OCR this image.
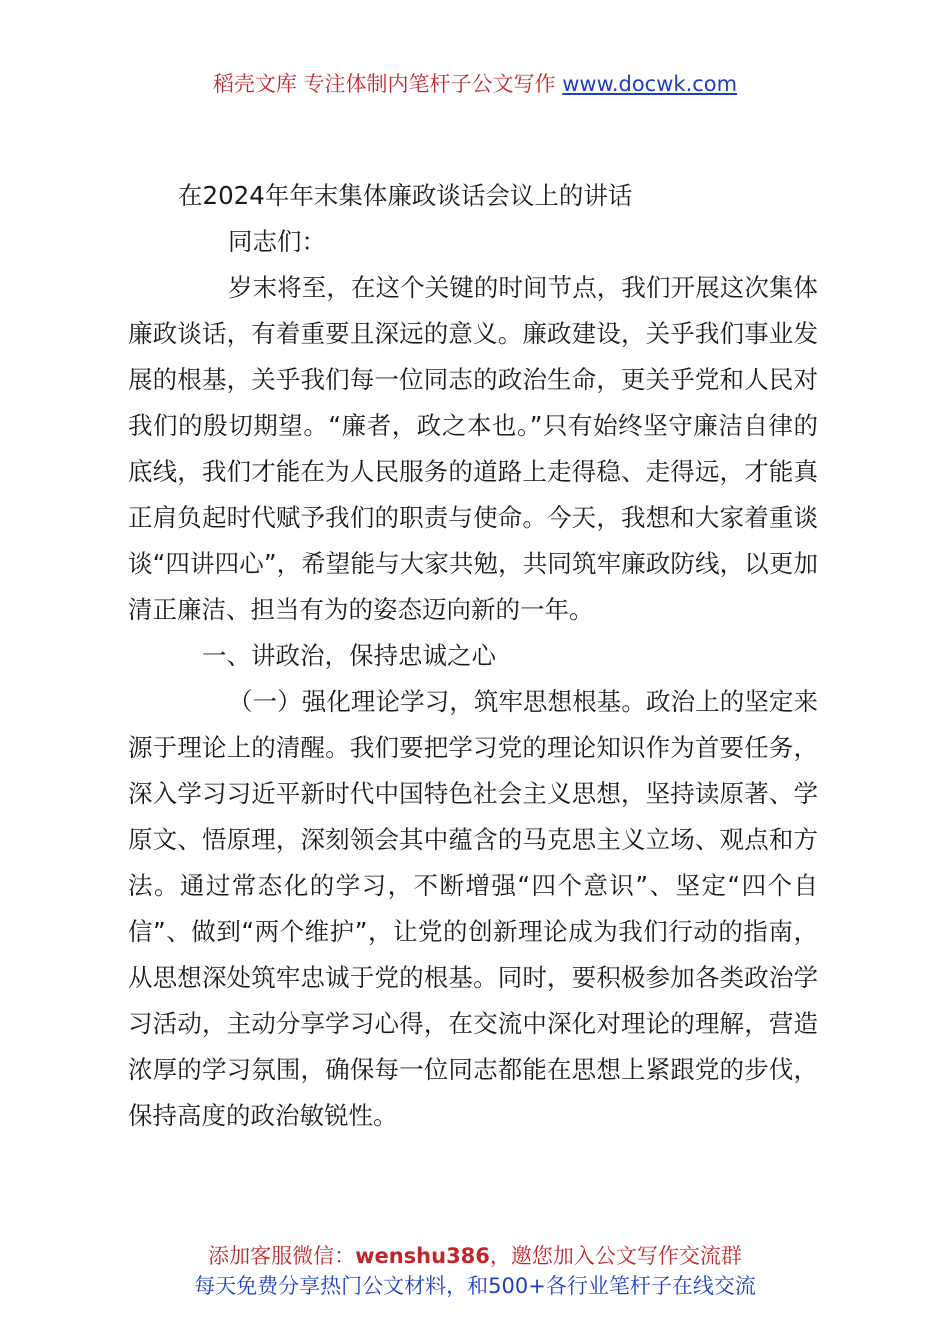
稻壳文库 专注体制内笔杆子公文写作 www.docwk.com

在2024年年末集体廉政谈话会议上的讲话

同志们：

岁末将至，在这个关键的时间节点，我们开展这次集体廉政谈话，有着重要且深远的意义。廉政建设，关乎我们事业发展的根基，关乎我们每一位同志的政治生命，更关乎党和人民对我们的殷切期望。“廉者，政之本也。”只有始终坚守廉洁自律的底线，我们才能在为人民服务的道路上走得稳、走得远，才能真正肩负起时代赋予我们的职责与使命。今天，我想和大家着重谈谈“四讲四心”，希望能与大家共勉，共同筑牢廉政防线，以更加清正廉洁、担当有为的姿态迈向新的一年。

一、讲政治，保持忠诚之心

（一）强化理论学习，筑牢思想根基。政治上的坚定来源于理论上的清醒。我们要把学习党的理论知识作为首要任务，深入学习习近平新时代中国特色社会主义思想，坚持读原著、学原文、悟原理，深刻领会其中蕴含的马克思主义立场、观点和方法。通过常态化的学习，不断增强“四个意识”、坚定“四个自信”、做到“两个维护”，让党的创新理论成为我们行动的指南，从思想深处筑牢忠诚于党的根基。同时，要积极参加各类政治学习活动，主动分享学习心得，在交流中深化对理论的理解，营造浓厚的学习氛围，确保每一位同志都能在思想上紧跟党的步伐，保持高度的政治敏锐性。

添加客服微信：wenshu386，邀您加入公文写作交流群
每天免费分享热门公文材料，和500+各行业笔杆子在线交流
